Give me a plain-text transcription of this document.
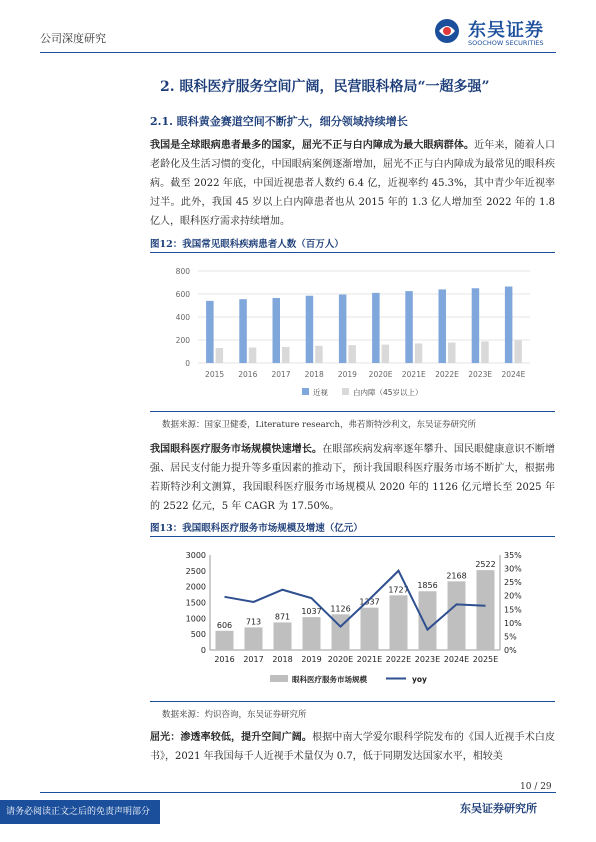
公司深度研究	东吴证券
SOOCHOW SECURITIES
2. 眼科医疗服务空间广阔，民营眼科格局“一超多强”
2.1. 眼科黄金赛道空间不断扩大，细分领域持续增长
我国是全球眼病患者最多的国家，屈光不正与白内障成为最大眼病群体。近年来，随着人口老龄化及生活习惯的变化，中国眼病案例逐渐增加，屈光不正与白内障成为最常见的眼科疾病。截至 2022 年底，中国近视患者人数约 6.4 亿，近视率约 45.3%，其中青少年近视率过半。此外，我国 45 岁以上白内障患者也从 2015 年的 1.3 亿人增加至 2022 年的 1.8 亿人，眼科医疗需求持续增加。
图12：我国常见眼科疾病患者人数（百万人）
0
200
400
600
800
2015 2016 2017 2018 2019 2020E 2021E 2022E 2023E 2024E
近视	白内障（45岁以上）
数据来源：国家卫健委，Literature research，弗若斯特沙利文，东吴证券研究所
我国眼科医疗服务市场规模快速增长。在眼部疾病发病率逐年攀升、国民眼健康意识不断增强、居民支付能力提升等多重因素的推动下，预计我国眼科医疗服务市场不断扩大，根据弗若斯特沙利文测算，我国眼科医疗服务市场规模从 2020 年的 1126 亿元增长至 2025 年的 2522 亿元，5 年 CAGR 为 17.50%。
图13：我国眼科医疗服务市场规模及增速（亿元）
0
500
1000
1500
2000
2500
3000
0%
5%
10%
15%
20%
25%
30%
35%
606
2016
713
2017
871
2018
1037
2019
1126
2020E
1337
2021E
1727
2022E
1856
2023E
2168
2024E
2522
2025E
眼科医疗服务市场规模	yoy
数据来源：灼识咨询，东吴证券研究所
屈光：渗透率较低，提升空间广阔。根据中南大学爱尔眼科学院发布的《国人近视手术白皮书》，2021 年我国每千人近视手术量仅为 0.7，低于同期发达国家水平，相较美
10 / 29
请务必阅读正文之后的免责声明部分	东吴证券研究所
